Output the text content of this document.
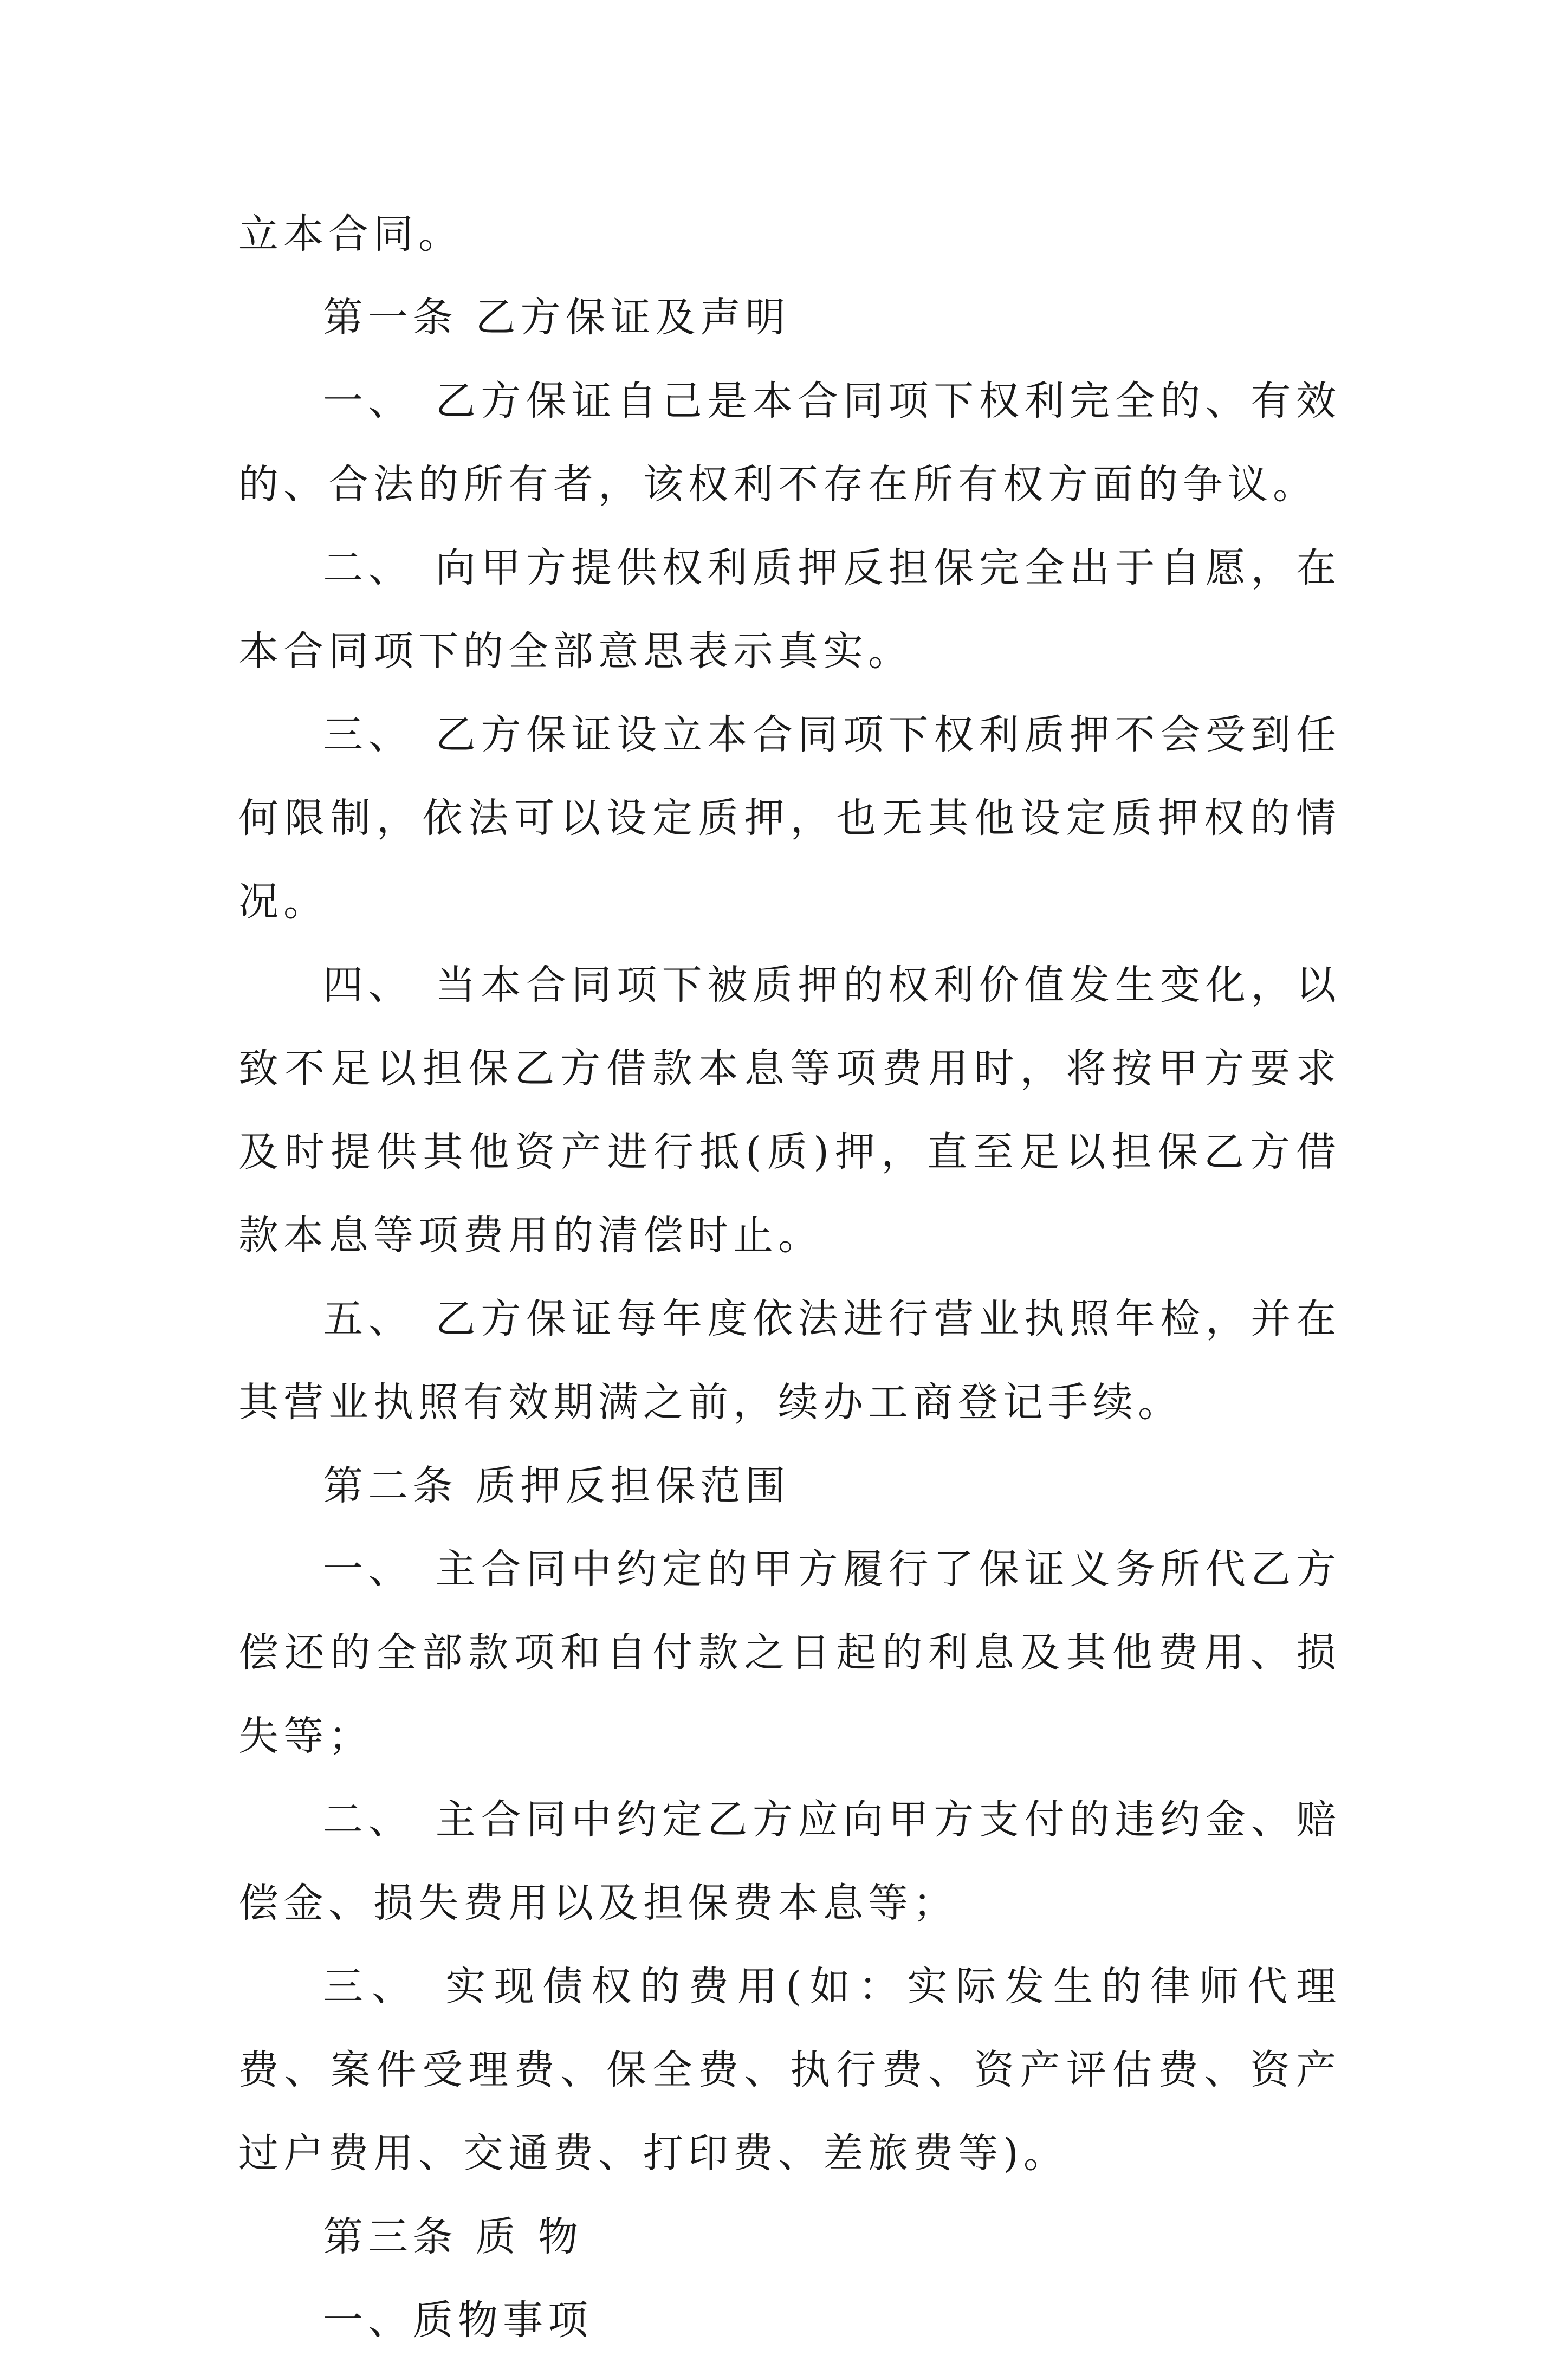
立本合同。

第一条 乙方保证及声明

一、 乙方保证自己是本合同项下权利完全的、有效的、合法的所有者，该权利不存在所有权方面的争议。

二、 向甲方提供权利质押反担保完全出于自愿，在本合同项下的全部意思表示真实。

三、 乙方保证设立本合同项下权利质押不会受到任何限制，依法可以设定质押，也无其他设定质押权的情况。

四、 当本合同项下被质押的权利价值发生变化，以致不足以担保乙方借款本息等项费用时，将按甲方要求及时提供其他资产进行抵(质)押，直至足以担保乙方借款本息等项费用的清偿时止。

五、 乙方保证每年度依法进行营业执照年检，并在其营业执照有效期满之前，续办工商登记手续。

第二条 质押反担保范围

一、 主合同中约定的甲方履行了保证义务所代乙方偿还的全部款项和自付款之日起的利息及其他费用、损失等；

二、 主合同中约定乙方应向甲方支付的违约金、赔偿金、损失费用以及担保费本息等；

三、 实现债权的费用(如：实际发生的律师代理费、案件受理费、保全费、执行费、资产评估费、资产过户费用、交通费、打印费、差旅费等)。

第三条 质 物

一、质物事项
